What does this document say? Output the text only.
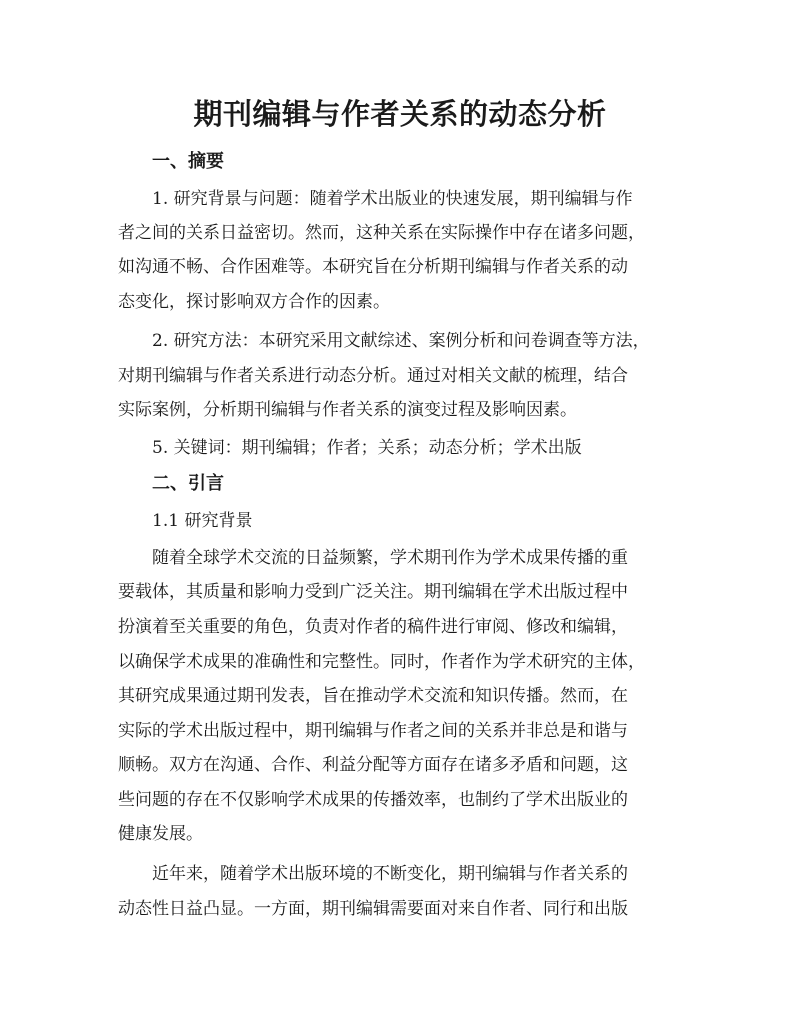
期刊编辑与作者关系的动态分析

一、摘要

1. 研究背景与问题：随着学术出版业的快速发展，期刊编辑与作

者之间的关系日益密切。然而，这种关系在实际操作中存在诸多问题，

如沟通不畅、合作困难等。本研究旨在分析期刊编辑与作者关系的动

态变化，探讨影响双方合作的因素。

2. 研究方法：本研究采用文献综述、案例分析和问卷调查等方法，

对期刊编辑与作者关系进行动态分析。通过对相关文献的梳理，结合

实际案例，分析期刊编辑与作者关系的演变过程及影响因素。

5. 关键词：期刊编辑；作者；关系；动态分析；学术出版

二、引言

1.1 研究背景

随着全球学术交流的日益频繁，学术期刊作为学术成果传播的重

要载体，其质量和影响力受到广泛关注。期刊编辑在学术出版过程中

扮演着至关重要的角色，负责对作者的稿件进行审阅、修改和编辑，

以确保学术成果的准确性和完整性。同时，作者作为学术研究的主体，

其研究成果通过期刊发表，旨在推动学术交流和知识传播。然而，在

实际的学术出版过程中，期刊编辑与作者之间的关系并非总是和谐与

顺畅。双方在沟通、合作、利益分配等方面存在诸多矛盾和问题，这

些问题的存在不仅影响学术成果的传播效率，也制约了学术出版业的

健康发展。

近年来，随着学术出版环境的不断变化，期刊编辑与作者关系的

动态性日益凸显。一方面，期刊编辑需要面对来自作者、同行和出版
